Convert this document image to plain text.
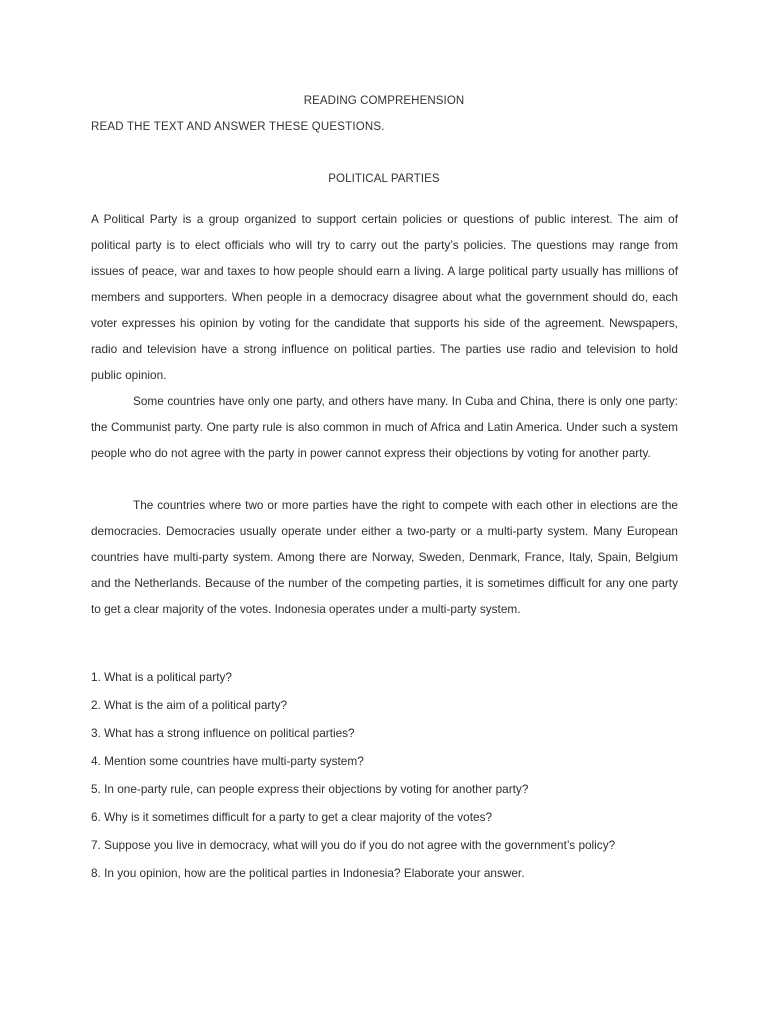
READING COMPREHENSION
READ THE TEXT AND ANSWER THESE QUESTIONS.
POLITICAL PARTIES

A Political Party is a group organized to support certain policies or questions of public interest. The aim of political party is to elect officials who will try to carry out the party’s policies. The questions may range from issues of peace, war and taxes to how people should earn a living. A large political party usually has millions of members and supporters. When people in a democracy disagree about what the government should do, each voter expresses his opinion by voting for the candidate that supports his side of the agreement. Newspapers, radio and television have a strong influence on political parties. The parties use radio and television to hold public opinion.

Some countries have only one party, and others have many. In Cuba and China, there is only one party: the Communist party. One party rule is also common in much of Africa and Latin America. Under such a system people who do not agree with the party in power cannot express their objections by voting for another party.

The countries where two or more parties have the right to compete with each other in elections are the democracies. Democracies usually operate under either a two-party or a multi-party system. Many European countries have multi-party system. Among there are Norway, Sweden, Denmark, France, Italy, Spain, Belgium and the Netherlands. Because of the number of the competing parties, it is sometimes difficult for any one party to get a clear majority of the votes. Indonesia operates under a multi-party system.

1. What is a political party?
2. What is the aim of a political party?
3. What has a strong influence on political parties?
4. Mention some countries have multi-party system?
5. In one-party rule, can people express their objections by voting for another party?
6. Why is it sometimes difficult for a party to get a clear majority of the votes?
7. Suppose you live in democracy, what will you do if you do not agree with the government’s policy?
8. In you opinion, how are the political parties in Indonesia? Elaborate your answer.
